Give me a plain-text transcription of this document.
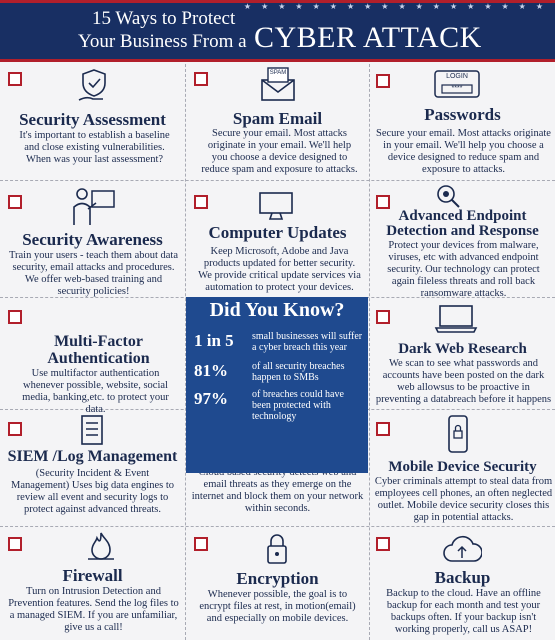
★ ★ ★ ★ ★ ★ ★ ★ ★ ★ ★ ★ ★ ★ ★ ★ ★ ★
15 Ways to Protect
Your Business From a CYBER ATTACK
Security Assessment
It's important to establish a baseline and close existing vulnerabilities. When was your last assessment?
SPAM
Spam Email
Secure your email. Most attacks originate in your email. We'll help you choose a device designed to reduce spam and exposure to attacks.
LOGIN
****
Passwords
Secure your email. Most attacks originate in your email. We'll help you choose a device designed to reduce spam and exposure to attacks.
Security Awareness
Train your users - teach them about data security, email attacks and procedures. We offer web-based training and security policies!
Computer Updates
Keep Microsoft, Adobe and Java products updated for better security. We provide critical update services via automation to protect your devices.
Advanced Endpoint Detection and Response
Protect your devices from malware, viruses, etc with advanced endpoint security. Our technology can protect again fileless threats and roll back ransomware attacks.
Multi-Factor Authentication
Use multifactor authentication whenever possible, website, social media, banking,etc. to protect your data.
Dark Web Research
We scan to see what passwords and accounts have been posted on the dark web allowsus to be proactive in preventing a databreach before it happens
SIEM /Log Management
(Security Incident & Event Management) Uses big data engines to review all event and security logs to protect against advanced threats.
email threats as they emerge on the internet and block them on your network within seconds.
Mobile Device Security
Cyber criminals attempt to steal data from employees cell phones, an often neglected outlet. Mobile device security closes this gap in potential attacks.
Firewall
Turn on Intrusion Detection and Prevention features. Send the log files to a managed SIEM. If you are unfamiliar, give us a call!
Encryption
Whenever possible, the goal is to encrypt files at rest, in motion(email) and especially on mobile devices.
Backup
Backup to the cloud. Have an offline backup for each month and test your backups often. If your backup isn't working properly, call us ASAP!
Did You Know?
1 in 5 small businesses will suffer a cyber breach this year
81% of all security breaches happen to SMBs
97% of breaches could have been protected with technology
